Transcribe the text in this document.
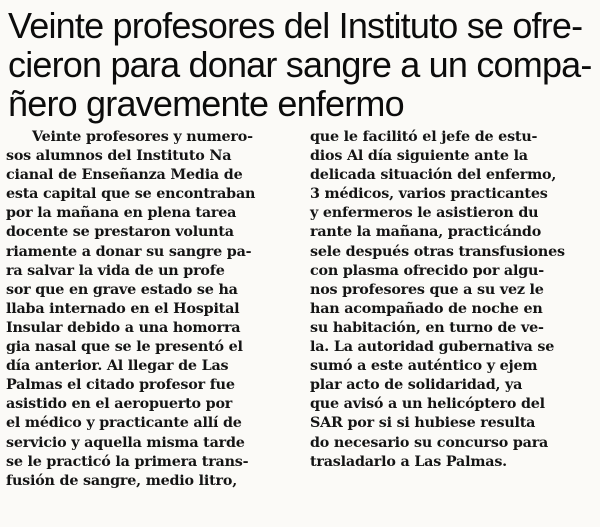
Veinte profesores del Instituto se ofre-
cieron para donar sangre a un compa-
ñero gravemente enfermo
Veinte profesores y numero-
sos alumnos del Instituto Na
cianal de Enseñanza Media de
esta capital que se encontraban
por la mañana en plena tarea
docente se prestaron volunta
riamente a donar su sangre pa-
ra salvar la vida de un profe
sor que en grave estado se ha
llaba internado en el Hospital
Insular debido a una homorra
gia nasal que se le presentó el
día anterior. Al llegar de Las
Palmas el citado profesor fue
asistido en el aeropuerto por
el médico y practicante allí de
servicio y aquella misma tarde
se le practicó la primera trans-
fusión de sangre, medio litro,
que le facilitó el jefe de estu-
dios Al día siguiente ante la
delicada situación del enfermo,
3 médicos, varios practicantes
y enfermeros le asistieron du
rante la mañana, practicándo
sele después otras transfusiones
con plasma ofrecido por algu-
nos profesores que a su vez le
han acompañado de noche en
su habitación, en turno de ve-
la. La autoridad gubernativa se
sumó a este auténtico y ejem
plar acto de solidaridad, ya
que avisó a un helicóptero del
SAR por si si hubiese resulta
do necesario su concurso para
trasladarlo a Las Palmas.
